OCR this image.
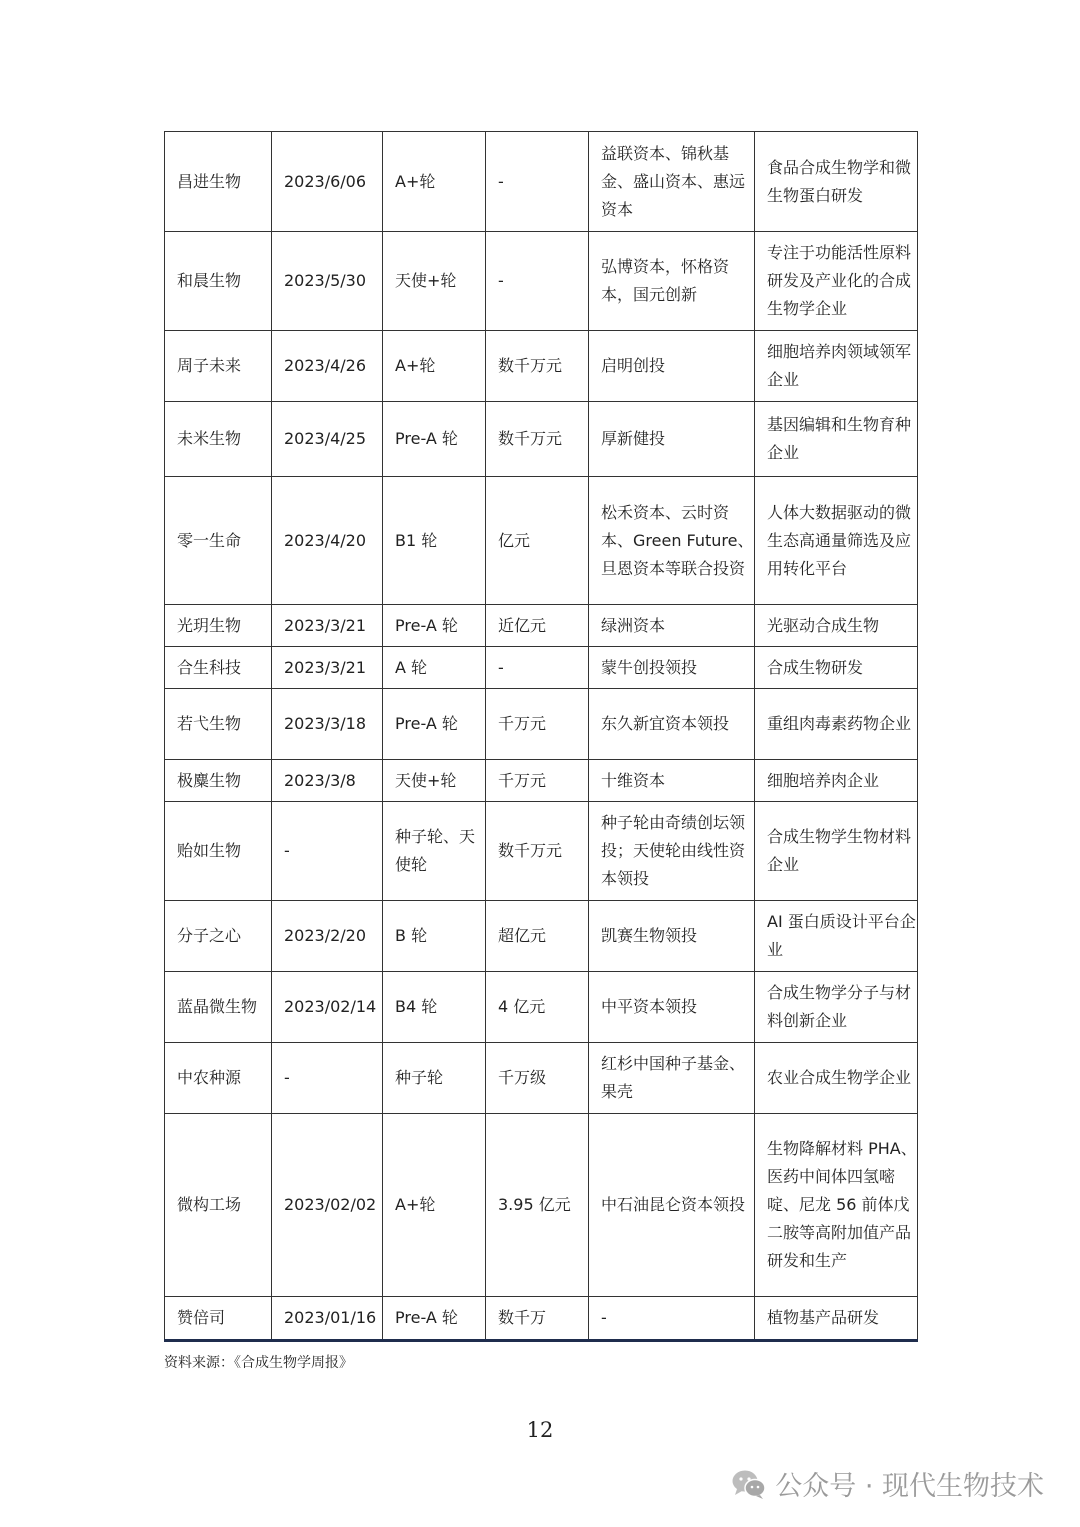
昌进生物	2023/6/06	A+轮	-	益联资本、锦秋基金、盛山资本、惠远资本	食品合成生物学和微生物蛋白研发
和晨生物	2023/5/30	天使+轮	-	弘博资本，怀格资本，国元创新	专注于功能活性原料研发及产业化的合成生物学企业
周子未来	2023/4/26	A+轮	数千万元	启明创投	细胞培养肉领域领军企业
未米生物	2023/4/25	Pre-A 轮	数千万元	厚新健投	基因编辑和生物育种企业
零一生命	2023/4/20	B1 轮	亿元	松禾资本、云时资本、Green Future、旦恩资本等联合投资	人体大数据驱动的微生态高通量筛选及应用转化平台
光玥生物	2023/3/21	Pre-A 轮	近亿元	绿洲资本	光驱动合成生物
合生科技	2023/3/21	A 轮	-	蒙牛创投领投	合成生物研发
若弋生物	2023/3/18	Pre-A 轮	千万元	东久新宜资本领投	重组肉毒素药物企业
极麋生物	2023/3/8	天使+轮	千万元	十维资本	细胞培养肉企业
贻如生物	-	种子轮、天使轮	数千万元	种子轮由奇绩创坛领投；天使轮由线性资本领投	合成生物学生物材料企业
分子之心	2023/2/20	B 轮	超亿元	凯赛生物领投	AI 蛋白质设计平台企业
蓝晶微生物	2023/02/14	B4 轮	4 亿元	中平资本领投	合成生物学分子与材料创新企业
中农种源	-	种子轮	千万级	红杉中国种子基金、果壳	农业合成生物学企业
微构工场	2023/02/02	A+轮	3.95 亿元	中石油昆仑资本领投	生物降解材料 PHA、医药中间体四氢嘧啶、尼龙 56 前体戊二胺等高附加值产品研发和生产
赞倍司	2023/01/16	Pre-A 轮	数千万	-	植物基产品研发
资料来源：《合成生物学周报》
12
公众号 · 现代生物技术
